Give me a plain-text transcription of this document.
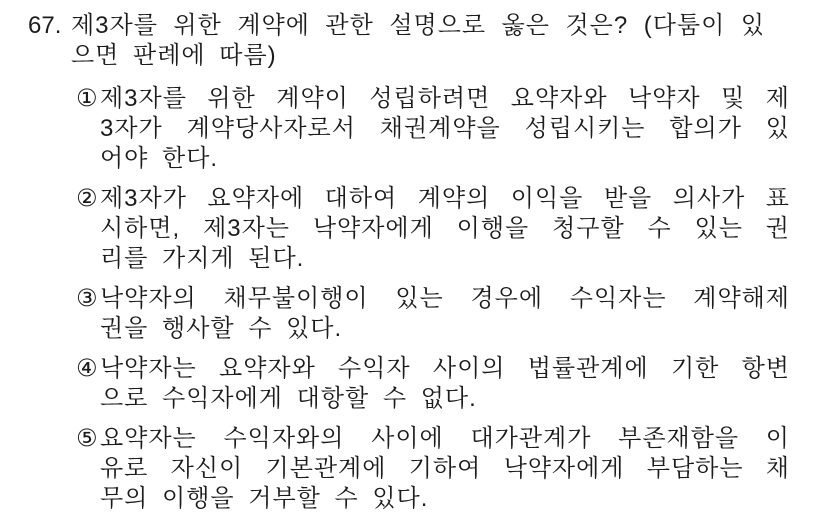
67. 제3자를 위한 계약에 관한 설명으로 옳은 것은? (다툼이 있
으면 판례에 따름)
① 제3자를 위한 계약이 성립하려면 요약자와 낙약자 및 제
3자가 계약당사자로서 채권계약을 성립시키는 합의가 있
어야 한다.
② 제3자가 요약자에 대하여 계약의 이익을 받을 의사가 표
시하면, 제3자는 낙약자에게 이행을 청구할 수 있는 권
리를 가지게 된다.
③ 낙약자의 채무불이행이 있는 경우에 수익자는 계약해제
권을 행사할 수 있다.
④ 낙약자는 요약자와 수익자 사이의 법률관계에 기한 항변
으로 수익자에게 대항할 수 없다.
⑤ 요약자는 수익자와의 사이에 대가관계가 부존재함을 이
유로 자신이 기본관계에 기하여 낙약자에게 부담하는 채
무의 이행을 거부할 수 있다.
